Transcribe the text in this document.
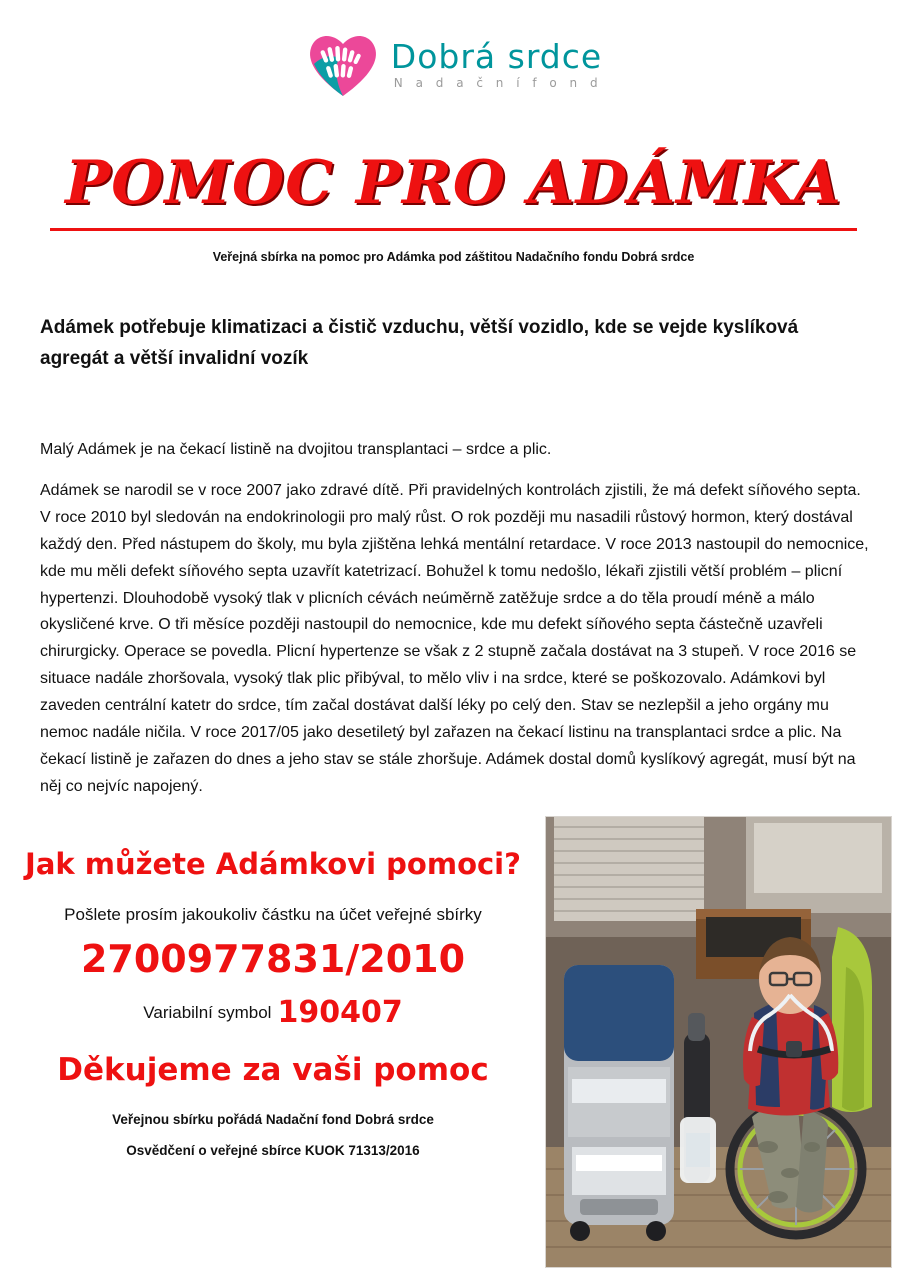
Dobrá srdce
N a d a č n í f o n d
POMOC PRO ADÁMKA
Veřejná sbírka na pomoc pro Adámka pod záštitou Nadačního fondu Dobrá srdce
Adámek potřebuje klimatizaci a čistič vzduchu, větší vozidlo, kde se vejde kyslíková agregát a větší invalidní vozík
Malý Adámek je na čekací listině na dvojitou transplantaci – srdce a plic.
Adámek se narodil se v roce 2007 jako zdravé dítě. Při pravidelných kontrolách zjistili, že má defekt síňového septa. V roce 2010 byl sledován na endokrinologii pro malý růst. O rok později mu nasadili růstový hormon, který dostával každý den. Před nástupem do školy, mu byla zjištěna lehká mentální retardace. V roce 2013 nastoupil do nemocnice, kde mu měli defekt síňového septa uzavřít katetrizací. Bohužel k tomu nedošlo, lékaři zjistili větší problém – plicní hypertenzi. Dlouhodobě vysoký tlak v plicních cévách neúměrně zatěžuje srdce a do těla proudí méně a málo okysličené krve. O tři měsíce později nastoupil do nemocnice, kde mu defekt síňového septa částečně uzavřeli chirurgicky. Operace se povedla. Plicní hypertenze se však z 2 stupně začala dostávat na 3 stupeň. V roce 2016 se situace nadále zhoršovala, vysoký tlak plic přibýval, to mělo vliv i na srdce, které se poškozovalo. Adámkovi byl zaveden centrální katetr do srdce, tím začal dostávat další léky po celý den. Stav se nezlepšil a jeho orgány mu nemoc nadále ničila. V roce 2017/05 jako desetiletý byl zařazen na čekací listinu na transplantaci srdce a plic. Na čekací listině je zařazen do dnes a jeho stav se stále zhoršuje. Adámek dostal domů kyslíkový agregát, musí být na něj co nejvíc napojený.
Jak můžete Adámkovi pomoci?
Pošlete prosím jakoukoliv částku na účet veřejné sbírky
2700977831/2010
Variabilní symbol 190407
Děkujeme za vaši pomoc
Veřejnou sbírku pořádá Nadační fond Dobrá srdce
Osvědčení o veřejné sbírce KUOK 71313/2016
